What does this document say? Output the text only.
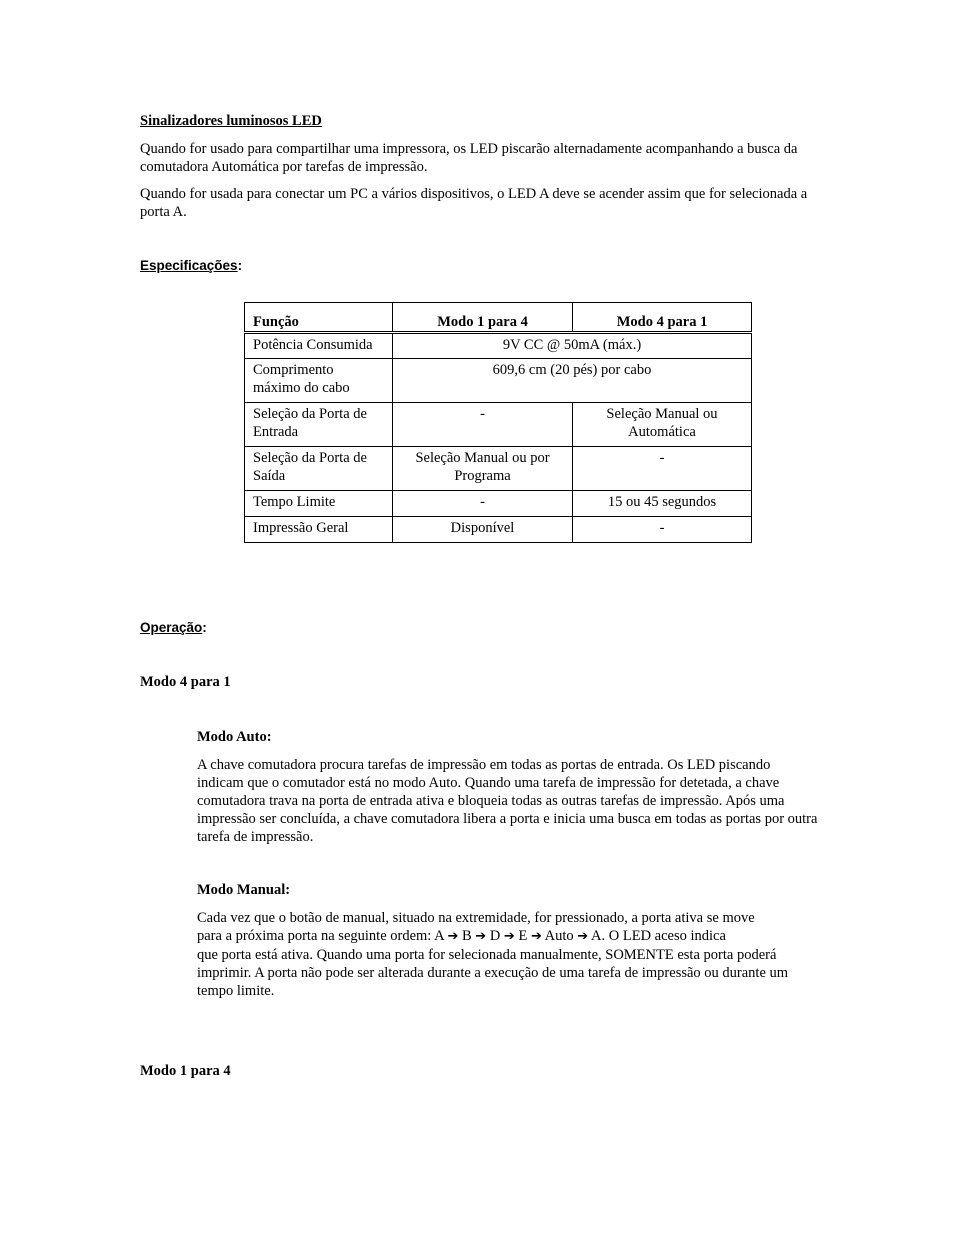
Sinalizadores luminosos LED

Quando for usado para compartilhar uma impressora, os LED piscarão alternadamente acompanhando a busca da comutadora Automática por tarefas de impressão.

Quando for usada para conectar um PC a vários dispositivos, o LED A deve se acender assim que for selecionada a porta A.

Especificações:
Função	Modo 1 para 4	Modo 4 para 1
Potência Consumida	9V CC @ 50mA (máx.)	
Comprimento máximo do cabo	609,6 cm (20 pés) por cabo	
Seleção da Porta de Entrada	-	Seleção Manual ou Automática
Seleção da Porta de Saída	Seleção Manual ou por Programa	-
Tempo Limite	-	15 ou 45 segundos
Impressão Geral	Disponível	-
Operação:
Modo 4 para 1
Modo Auto:

A chave comutadora procura tarefas de impressão em todas as portas de entrada. Os LED piscando indicam que o comutador está no modo Auto. Quando uma tarefa de impressão for detetada, a chave comutadora trava na porta de entrada ativa e bloqueia todas as outras tarefas de impressão. Após uma impressão ser concluída, a chave comutadora libera a porta e inicia uma busca em todas as portas por outra tarefa de impressão.

Modo Manual:

Cada vez que o botão de manual, situado na extremidade, for pressionado, a porta ativa se move

para a próxima porta na seguinte ordem: A ➔ B ➔ D ➔ E ➔ Auto ➔ A. O LED aceso indica

que porta está ativa. Quando uma porta for selecionada manualmente, SOMENTE esta porta poderá imprimir. A porta não pode ser alterada durante a execução de uma tarefa de impressão ou durante um tempo limite.

Modo 1 para 4
